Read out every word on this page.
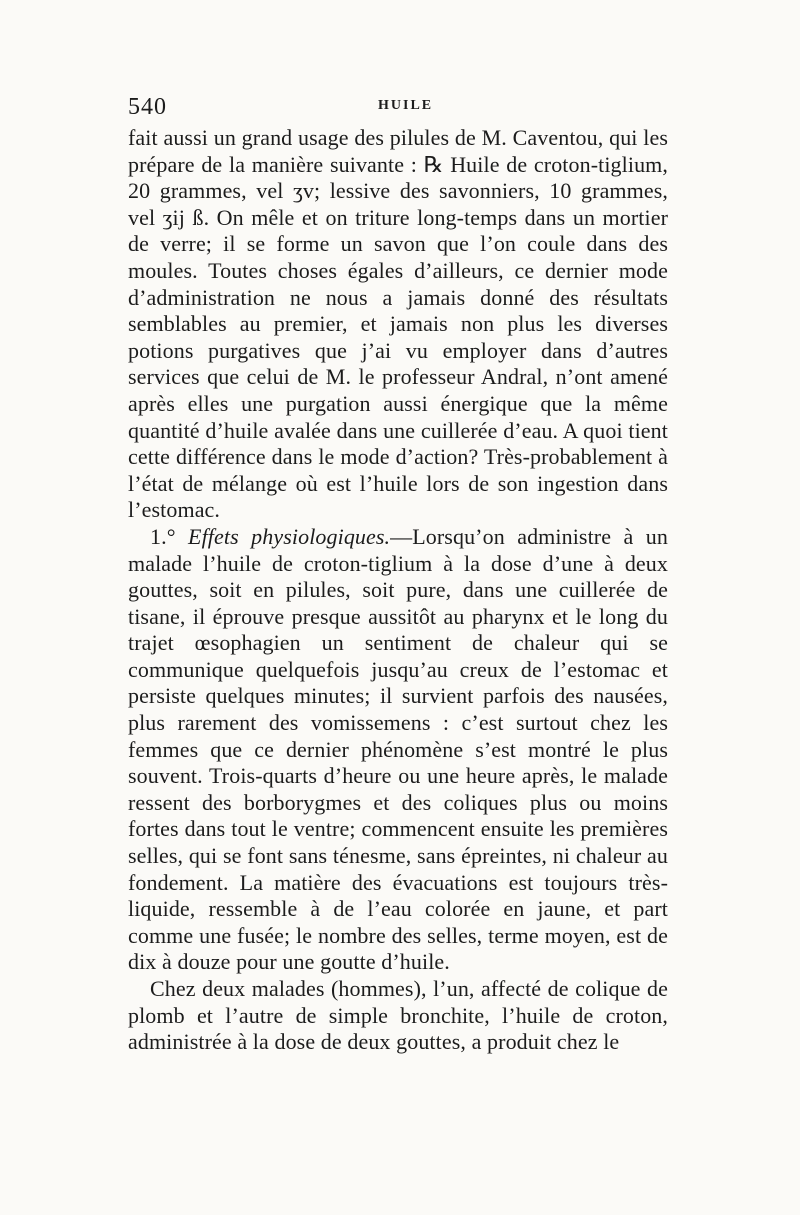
540	HUILE

fait aussi un grand usage des pilules de M. Caventou, qui les prépare de la manière suivante : ℞ Huile de croton-tiglium, 20 grammes, vel ʒv; lessive des savonniers, 10 grammes, vel ʒij ß. On mêle et on triture long-temps dans un mortier de verre; il se forme un savon que l’on coule dans des moules. Toutes choses égales d’ailleurs, ce dernier mode d’administration ne nous a jamais donné des résultats semblables au premier, et jamais non plus les diverses potions purgatives que j’ai vu employer dans d’autres services que celui de M. le professeur Andral, n’ont amené après elles une purgation aussi énergique que la même quantité d’huile avalée dans une cuillerée d’eau. A quoi tient cette différence dans le mode d’action? Très-probablement à l’état de mélange où est l’huile lors de son ingestion dans l’estomac.

1.° Effets physiologiques.—Lorsqu’on administre à un malade l’huile de croton-tiglium à la dose d’une à deux gouttes, soit en pilules, soit pure, dans une cuillerée de tisane, il éprouve presque aussitôt au pharynx et le long du trajet œsophagien un sentiment de chaleur qui se communique quelquefois jusqu’au creux de l’estomac et persiste quelques minutes; il survient parfois des nausées, plus rarement des vomissemens : c’est surtout chez les femmes que ce dernier phénomène s’est montré le plus souvent. Trois-quarts d’heure ou une heure après, le malade ressent des borborygmes et des coliques plus ou moins fortes dans tout le ventre; commencent ensuite les premières selles, qui se font sans ténesme, sans épreintes, ni chaleur au fondement. La matière des évacuations est toujours très-liquide, ressemble à de l’eau colorée en jaune, et part comme une fusée; le nombre des selles, terme moyen, est de dix à douze pour une goutte d’huile.

Chez deux malades (hommes), l’un, affecté de colique de plomb et l’autre de simple bronchite, l’huile de croton, administrée à la dose de deux gouttes, a produit chez le
